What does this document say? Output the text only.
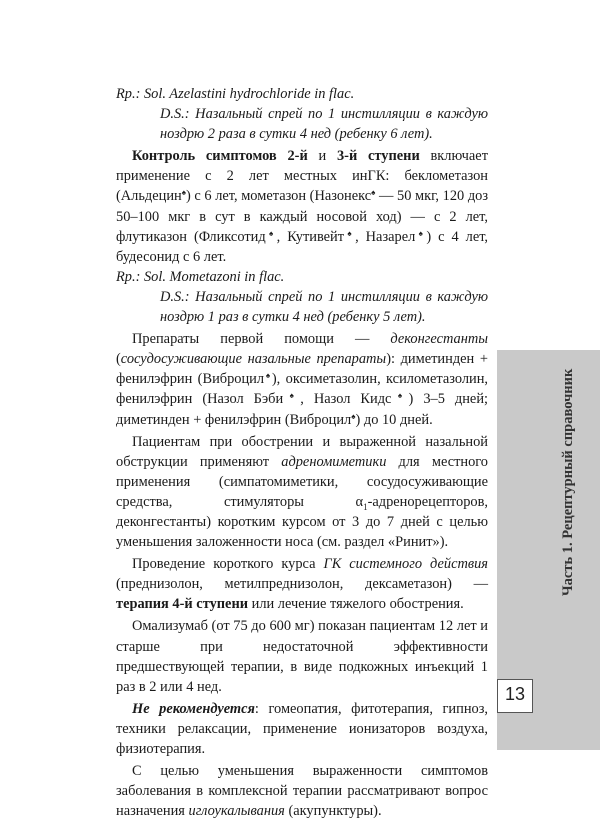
Rp.: Sol. Azelastini hydrochloride in flac.

D.S.: Назальный спрей по 1 инстилляции в каждую ноздрю 2 раза в сутки 4 нед (ребенку 6 лет).

Контроль симптомов 2-й и 3-й ступени включает применение с 2 лет местных инГК: беклометазон (Альдецин♠) с 6 лет, мометазон (Назонекс♠ — 50 мкг, 120 доз 50–100 мкг в сут в каждый носовой ход) — с 2 лет, флутиказон (Фликсотид♠, Кутивейт♠, Назарел♠) с 4 лет, будесонид с 6 лет.

Rp.: Sol. Mometazoni in flac.

D.S.: Назальный спрей по 1 инстилляции в каждую ноздрю 1 раз в сутки 4 нед (ребенку 5 лет).

Препараты первой помощи — деконгестанты (сосудосуживающие назальные препараты): диметинден + фенилэфрин (Виброцил♠), оксиметазолин, ксилометазолин, фенилэфрин (Назол Бэби♠, Назол Кидс♠) 3–5 дней; диметинден + фенилэфрин (Виброцил♠) до 10 дней.

Пациентам при обострении и выраженной назальной обструкции применяют адреномиметики для местного применения (симпатомиметики, сосудосуживающие средства, стимуляторы $\alpha_1$-адренорецепторов, деконгестанты) коротким курсом от 3 до 7 дней с целью уменьшения заложенности носа (см. раздел «Ринит»).

Проведение короткого курса ГК системного действия (преднизолон, метилпреднизолон, дексаметазон) — терапия 4-й ступени или лечение тяжелого обострения.

Омализумаб (от 75 до 600 мг) показан пациентам 12 лет и старше при недостаточной эффективности предшествующей терапии, в виде подкожных инъекций 1 раз в 2 или 4 нед.

Не рекомендуется: гомеопатия, фитотерапия, гипноз, техники релаксации, применение ионизаторов воздуха, физиотерапия.

С целью уменьшения выраженности симптомов заболевания в комплексной терапии рассматривают вопрос назначения иглоукалывания (акупунктуры).

Часть 1. Рецептурный справочник
13
